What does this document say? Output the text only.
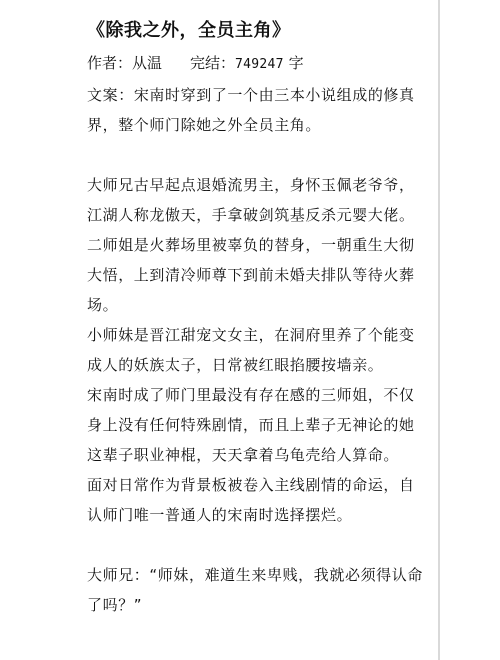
《除我之外，全员主角》

作者：从温 完结：749247 字

文案：宋南时穿到了一个由三本小说组成的修真界，整个师门除她之外全员主角。

大师兄古早起点退婚流男主，身怀玉佩老爷爷，江湖人称龙傲天，手拿破剑筑基反杀元婴大佬。

二师姐是火葬场里被辜负的替身，一朝重生大彻大悟，上到清冷师尊下到前未婚夫排队等待火葬场。

小师妹是晋江甜宠文女主，在洞府里养了个能变成人的妖族太子，日常被红眼掐腰按墙亲。

宋南时成了师门里最没有存在感的三师姐，不仅身上没有任何特殊剧情，而且上辈子无神论的她这辈子职业神棍，天天拿着乌龟壳给人算命。

面对日常作为背景板被卷入主线剧情的命运，自认师门唯一普通人的宋南时选择摆烂。

大师兄：“师妹，难道生来卑贱，我就必须得认命了吗？”
